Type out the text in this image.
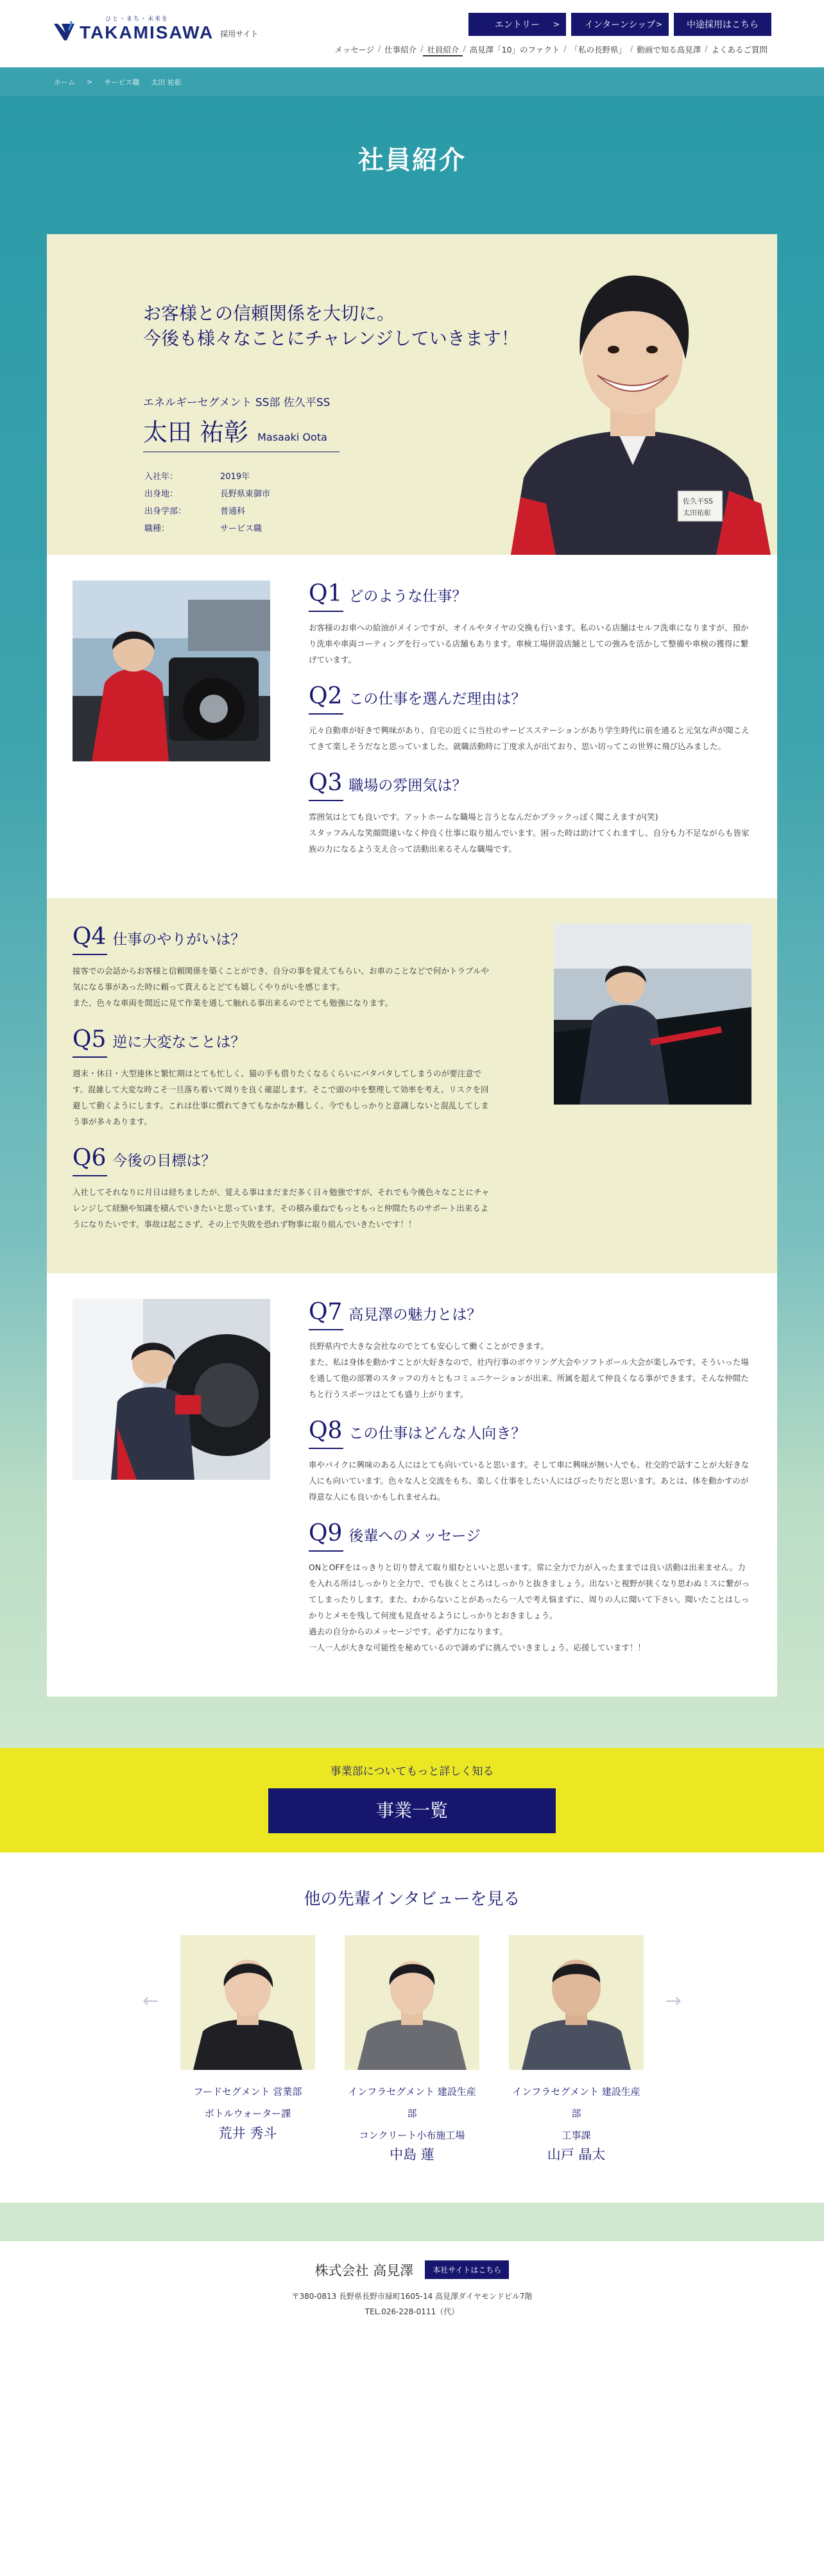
ひと・まち・未来を
TAKAMISAWA 採用サイト
エントリー >	インターンシップ >	中途採用はこちら
メッセージ / 仕事紹介 / 社員紹介 / 高見澤「10」のファクト / 「私の長野県」 / 動画で知る高見澤 / よくあるご質問
ホーム > サービス職 太田 祐彰
社員紹介
お客様との信頼関係を大切に。
今後も様々なことにチャレンジしていきます！
エネルギーセグメント SS部 佐久平SS
太田 祐彰 Masaaki Oota
入社年：	2019年
出身地：	長野県東御市
出身学部：	普通科
職種：	サービス職
佐久平SS
太田祐彰
Q1 どのような仕事？

お客様のお車への給油がメインですが、オイルやタイヤの交換も行います。私のいる店舗はセルフ洗車になりますが、預かり洗車や車両コーティングを行っている店舗もあります。車検工場併設店舗としての強みを活かして整備や車検の獲得に繋げています。

Q2 この仕事を選んだ理由は？

元々自動車が好きで興味があり、自宅の近くに当社のサービスステーションがあり学生時代に前を通ると元気な声が聞こえてきて楽しそうだなと思っていました。就職活動時に丁度求人が出ており、思い切ってこの世界に飛び込みました。

Q3 職場の雰囲気は？

雰囲気はとても良いです。アットホームな職場と言うとなんだかブラックっぽく聞こえますが(笑)
スタッフみんな笑顔間違いなく仲良く仕事に取り組んでいます。困った時は助けてくれますし、自分も力不足ながらも皆家族の力になるよう支え合って活動出来るそんな職場です。

Q4 仕事のやりがいは？

接客での会話からお客様と信頼関係を築くことができ、自分の事を覚えてもらい、お車のことなどで何かトラブルや気になる事があった時に頼って貰えるとどても嬉しくやりがいを感じます。
また、色々な車両を間近に見て作業を通して触れる事出来るのでとても勉強になります。

Q5 逆に大変なことは？

週末・休日・大型連休と繁忙期はとても忙しく、猫の手も借りたくなるくらいにバタバタしてしまうのが要注意です。混雑して大変な時こそ一旦落ち着いて周りを良く確認します。そこで頭の中を整理して効率を考え、リスクを回避して動くようにします。これは仕事に慣れてきてもなかなか難しく、今でもしっかりと意識しないと混乱してしまう事が多々あります。

Q6 今後の目標は？

入社してそれなりに月日は経ちましたが、覚える事はまだまだ多く日々勉強ですが、それでも今後色々なことにチャレンジして経験や知識を積んでいきたいと思っています。その積み重ねでもっともっと仲間たちのサポート出来るようになりたいです。事故は起こさず、その上で失敗を恐れず物事に取り組んでいきたいです！！

Q7 高見澤の魅力とは？

長野県内で大きな会社なのでとても安心して働くことができます。
また、私は身体を動かすことが大好きなので、社内行事のボウリング大会やソフトボール大会が楽しみです。そういった場を通して他の部署のスタッフの方々ともコミュニケーションが出来、所属を超えて仲良くなる事ができます。そんな仲間たちと行うスポーツはとても盛り上がります。

Q8 この仕事はどんな人向き？

車やバイクに興味のある人にはとても向いていると思います。そして車に興味が無い人でも、社交的で話すことが大好きな人にも向いています。色々な人と交流をもち、楽しく仕事をしたい人にはぴったりだと思います。あとは、体を動かすのが得意な人にも良いかもしれませんね。

Q9 後輩へのメッセージ

ONとOFFをはっきりと切り替えて取り組むといいと思います。常に全力で力が入ったままでは良い活動は出来ません。力を入れる所はしっかりと全力で、でも抜くところはしっかりと抜きましょう。出ないと視野が狭くなり思わぬミスに繋がってしまったりします。また、わからないことがあったら一人で考え悩まずに、周りの人に聞いて下さい。聞いたことはしっかりとメモを残して何度も見直せるようにしっかりとおきましょう。
過去の自分からのメッセージです。必ず力になります。
一人一人が大きな可能性を秘めているので諦めずに挑んでいきましょう。応援しています！！

事業部についてもっと詳しく知る

事業一覧
他の先輩インタビューを見る
←
フードセグメント 営業部
ボトルウォーター課
荒井 秀斗
インフラセグメント 建設生産部
コンクリート小布施工場
中島 蓮
インフラセグメント 建設生産部
工事課
山戸 晶太
→
株式会社 高見澤	本社サイトはこちら
〒380-0813 長野県長野市緑町1605-14 高見澤ダイヤモンドビル7階
TEL.026-228-0111（代）
